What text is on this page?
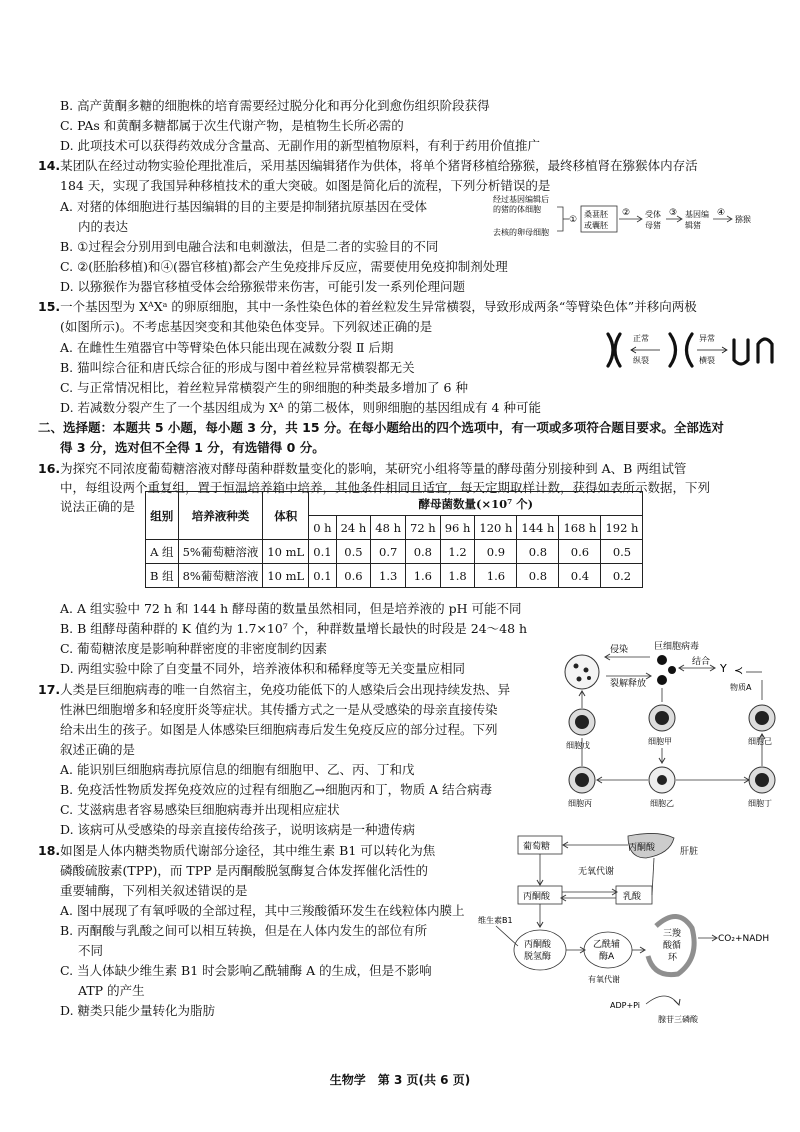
B. 高产黄酮多糖的细胞株的培育需要经过脱分化和再分化到愈伤组织阶段获得
C. PAs 和黄酮多糖都属于次生代谢产物，是植物生长所必需的
D. 此项技术可以获得药效成分含量高、无副作用的新型植物原料，有利于药用价值推广
14.某团队在经过动物实验伦理批准后，采用基因编辑猪作为供体，将单个猪肾移植给猕猴，最终移植肾在猕猴体内存活
184 天，实现了我国异种移植技术的重大突破。如图是简化后的流程，下列分析错误的是
A. 对猪的体细胞进行基因编辑的目的主要是抑制猪抗原基因在受体
内的表达
B. ①过程会分别用到电融合法和电刺激法，但是二者的实验目的不同
C. ②(胚胎移植)和④(器官移植)都会产生免疫排斥反应，需要使用免疫抑制剂处理
D. 以猕猴作为器官移植受体会给猕猴带来伤害，可能引发一系列伦理问题
经过基因编辑后
的猪的体细胞
去核的卵母细胞
①
桑葚胚
或囊胚
② 受体
母猪
③ 基因编
辑猪
④
猕猴
15.一个基因型为 XᴬXᵃ 的卵原细胞，其中一条性染色体的着丝粒发生异常横裂，导致形成两条“等臂染色体”并移向两极
(如图所示)。不考虑基因突变和其他染色体变异。下列叙述正确的是
A. 在雌性生殖器官中等臂染色体只能出现在减数分裂 Ⅱ 后期
B. 猫叫综合征和唐氏综合征的形成与图中着丝粒异常横裂都无关
C. 与正常情况相比，着丝粒异常横裂产生的卵细胞的种类最多增加了 6 种
D. 若减数分裂产生了一个基因组成为 Xᴬ 的第二极体，则卵细胞的基因组成有 4 种可能
正常
纵裂
异常
横裂
二、选择题：本题共 5 小题，每小题 3 分，共 15 分。在每小题给出的四个选项中，有一项或多项符合题目要求。全部选对
得 3 分，选对但不全得 1 分，有选错得 0 分。
16.为探究不同浓度葡萄糖溶液对酵母菌种群数量变化的影响，某研究小组将等量的酵母菌分别接种到 A、B 两组试管
中，每组设两个重复组，置于恒温培养箱中培养，其他条件相同且适宜，每天定期取样计数，获得如表所示数据，下列
说法正确的是
组别	培养液种类	体积	酵母菌数量(×10⁷ 个)								
			0 h	24 h	48 h	72 h	96 h	120 h	144 h	168 h	192 h
A 组	5%葡萄糖溶液	10 mL	0.1	0.5	0.7	0.8	1.2	0.9	0.8	0.6	0.5
B 组	8%葡萄糖溶液	10 mL	0.1	0.6	1.3	1.6	1.8	1.6	0.8	0.4	0.2
A. A 组实验中 72 h 和 144 h 酵母菌的数量虽然相同，但是培养液的 pH 可能不同
B. B 组酵母菌种群的 K 值约为 1.7×10⁷ 个，种群数量增长最快的时段是 24～48 h
C. 葡萄糖浓度是影响种群密度的非密度制约因素
D. 两组实验中除了自变量不同外，培养液体积和稀释度等无关变量应相同
17.人类是巨细胞病毒的唯一自然宿主，免疫功能低下的人感染后会出现持续发热、异
性淋巴细胞增多和轻度肝炎等症状。其传播方式之一是从受感染的母亲直接传染
给未出生的孩子。如图是人体感染巨细胞病毒后发生免疫反应的部分过程。下列
叙述正确的是
A. 能识别巨细胞病毒抗原信息的细胞有细胞甲、乙、丙、丁和戊
B. 免疫活性物质发挥免疫效应的过程有细胞乙→细胞丙和丁，物质 A 结合病毒
C. 艾滋病患者容易感染巨细胞病毒并出现相应症状
D. 该病可从受感染的母亲直接传给孩子，说明该病是一种遗传病
侵染
裂解释放
巨细胞病毒
结合 Y ≺
物质A
细胞戊	细胞甲	细胞己
细胞乙
细胞丙	细胞丁
18.如图是人体内糖类物质代谢部分途径，其中维生素 B1 可以转化为焦
磷酸硫胺素(TPP)，而 TPP 是丙酮酸脱氢酶复合体发挥催化活性的
重要辅酶，下列相关叙述错误的是
A. 图中展现了有氧呼吸的全部过程，其中三羧酸循环发生在线粒体内膜上
B. 丙酮酸与乳酸之间可以相互转换，但是在人体内发生的部位有所
不同
C. 当人体缺少维生素 B1 时会影响乙酰辅酶 A 的生成，但是不影响
ATP 的产生
D. 糖类只能少量转化为脂肪
葡萄糖	丙酮酸	肝脏
无氧代谢
丙酮酸	乳酸
维生素B1
丙酮酸
脱氢酶
乙酰辅
酶A
有氧代谢
三羧
酸循
环
CO₂+NADH
ADP+Pi
腺苷三磷酸
生物学　第 3 页(共 6 页)
